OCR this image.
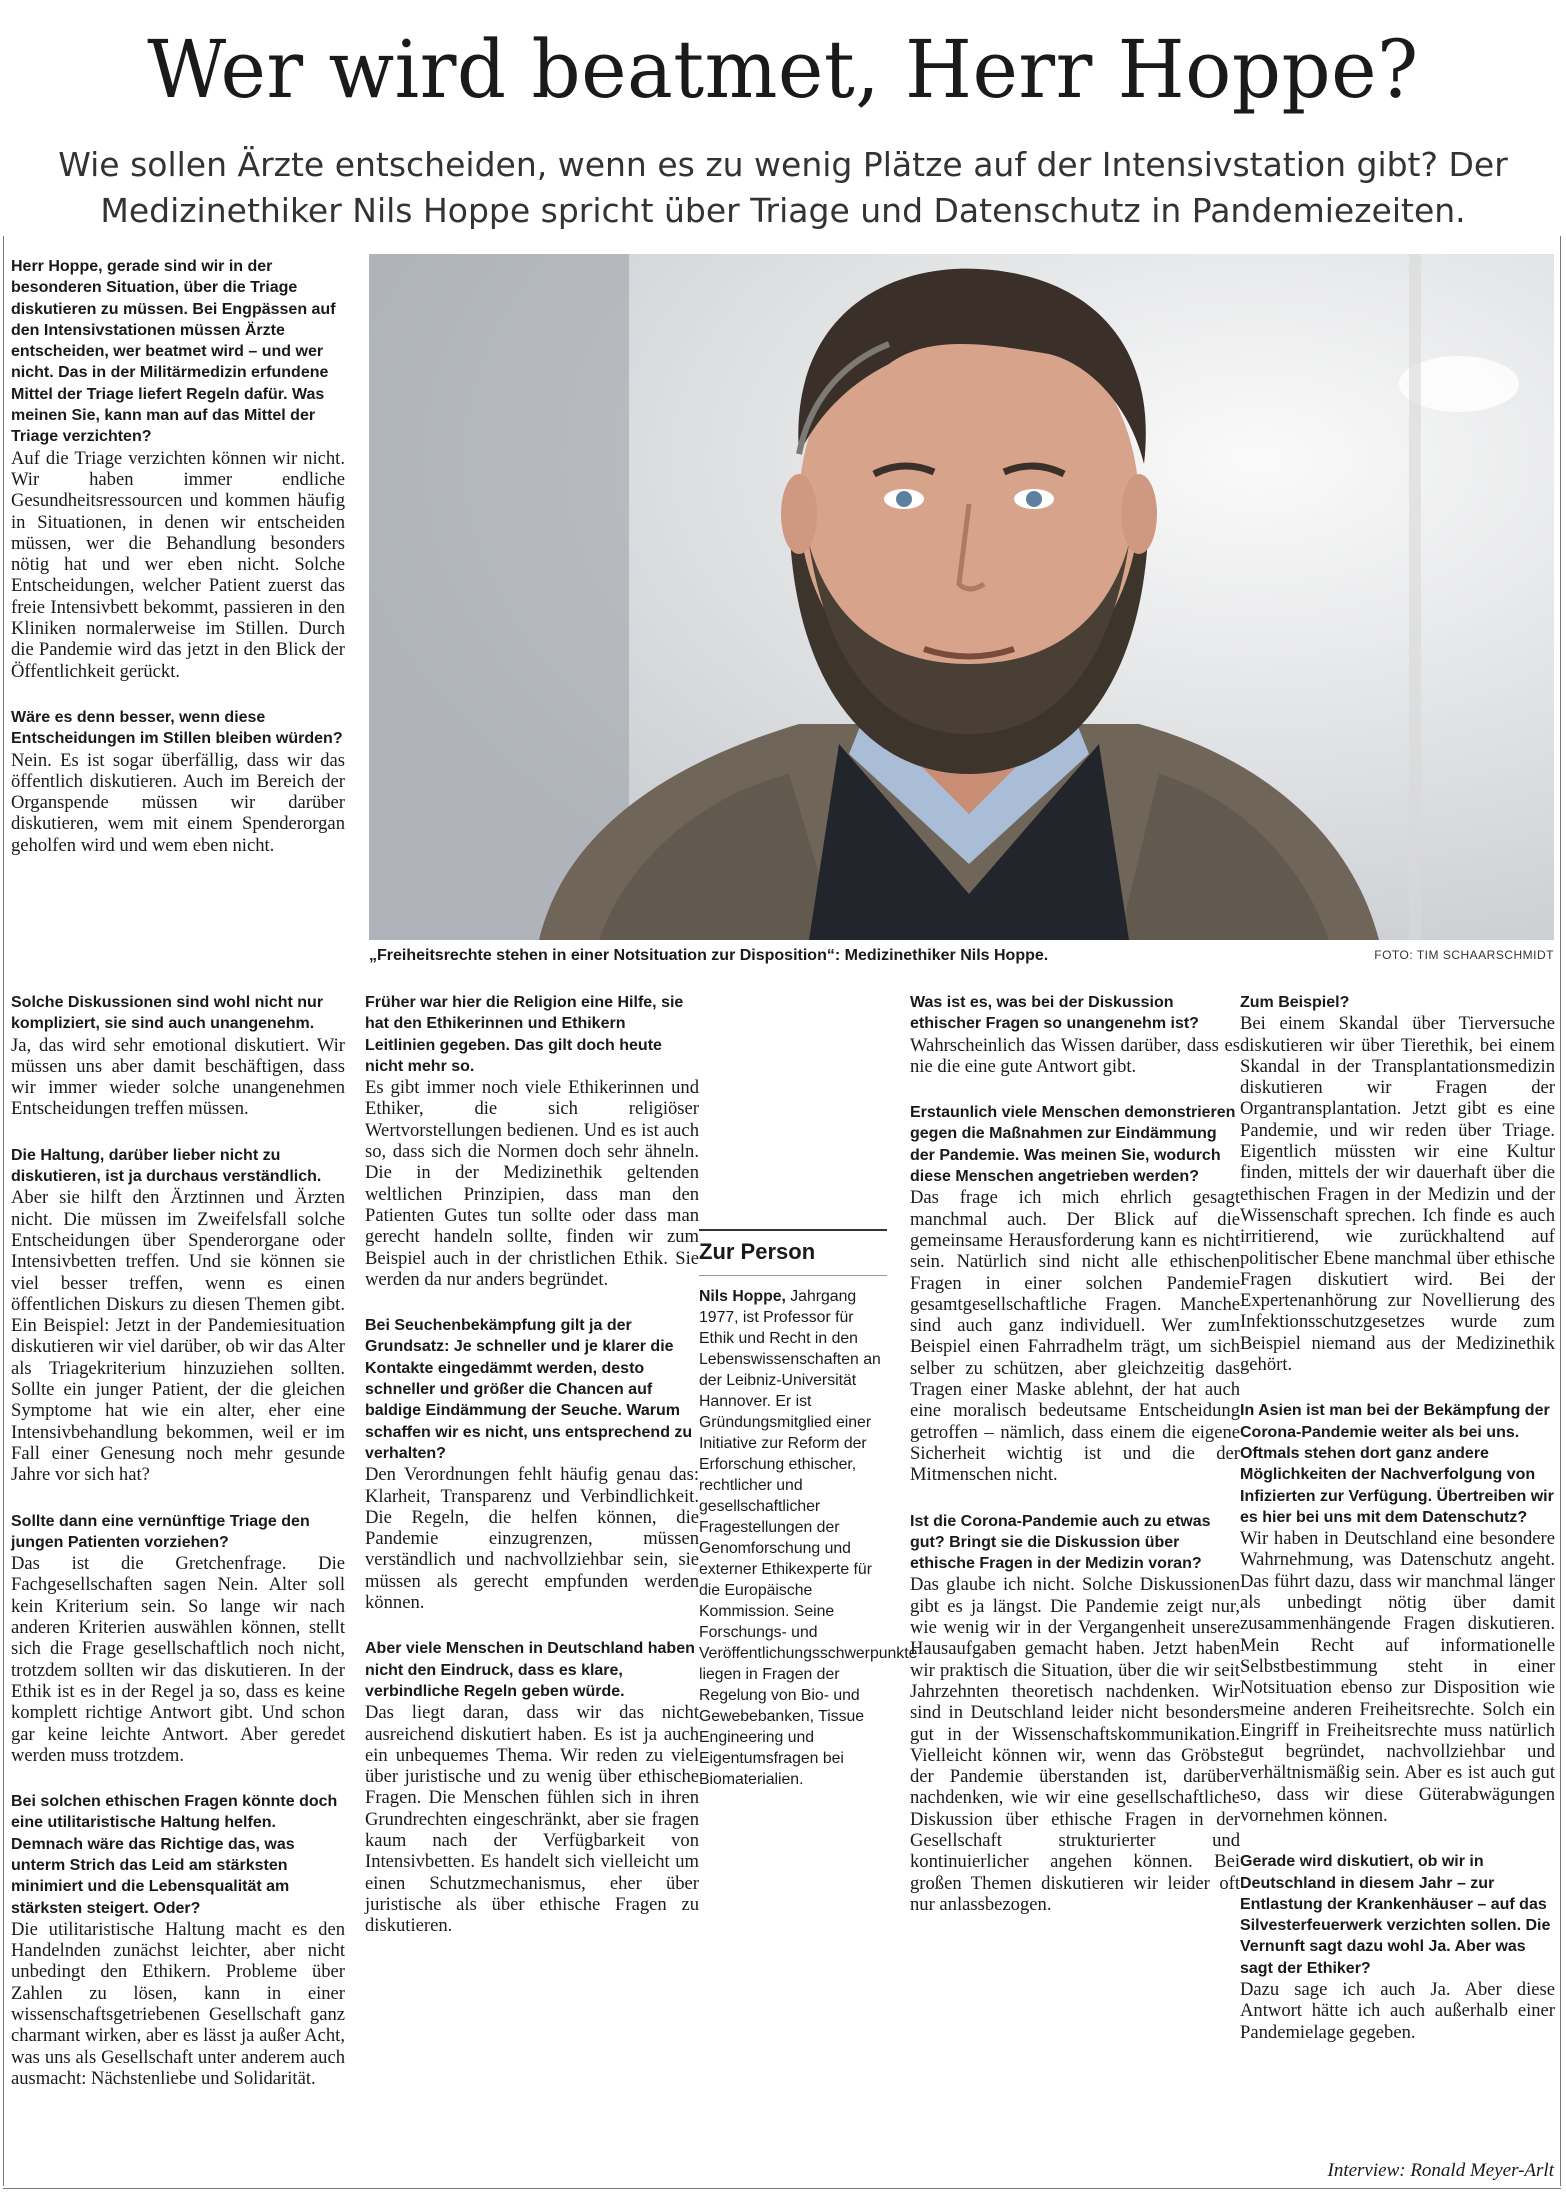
Wer wird beatmet, Herr Hoppe?

Wie sollen Ärzte entscheiden, wenn es zu wenig Plätze auf der Intensivstation gibt? Der Medizinethiker Nils Hoppe spricht über Triage und Datenschutz in Pandemiezeiten.

Herr Hoppe, gerade sind wir in der besonderen Situation, über die Triage diskutieren zu müssen. Bei Engpässen auf den Intensivstationen müssen Ärzte entscheiden, wer beatmet wird – und wer nicht. Das in der Militärmedizin erfundene Mittel der Triage liefert Regeln dafür. Was meinen Sie, kann man auf das Mittel der Triage verzichten?
Auf die Triage verzichten können wir nicht. Wir haben immer endliche Gesundheitsressourcen und kommen häufig in Situationen, in denen wir entscheiden müssen, wer die Behandlung besonders nötig hat und wer eben nicht. Solche Entscheidungen, welcher Patient zuerst das freie Intensivbett bekommt, passieren in den Kliniken normalerweise im Stillen. Durch die Pandemie wird das jetzt in den Blick der Öffentlichkeit gerückt.

Wäre es denn besser, wenn diese Entscheidungen im Stillen bleiben würden?
Nein. Es ist sogar überfällig, dass wir das öffentlich diskutieren. Auch im Bereich der Organspende müssen wir darüber diskutieren, wem mit einem Spenderorgan geholfen wird und wem eben nicht.

„Freiheitsrechte stehen in einer Notsituation zur Disposition“: Medizinethiker Nils Hoppe.	FOTO: TIM SCHAARSCHMIDT

Solche Diskussionen sind wohl nicht nur kompliziert, sie sind auch unangenehm.
Ja, das wird sehr emotional diskutiert. Wir müssen uns aber damit beschäftigen, dass wir immer wieder solche unangenehmen Entscheidungen treffen müssen.

Die Haltung, darüber lieber nicht zu diskutieren, ist ja durchaus verständlich.
Aber sie hilft den Ärztinnen und Ärzten nicht. Die müssen im Zweifelsfall solche Entscheidungen über Spenderorgane oder Intensivbetten treffen. Und sie können sie viel besser treffen, wenn es einen öffentlichen Diskurs zu diesen Themen gibt. Ein Beispiel: Jetzt in der Pandemiesituation diskutieren wir viel darüber, ob wir das Alter als Triagekriterium hinzuziehen sollten. Sollte ein junger Patient, der die gleichen Symptome hat wie ein alter, eher eine Intensivbehandlung bekommen, weil er im Fall einer Genesung noch mehr gesunde Jahre vor sich hat?

Sollte dann eine vernünftige Triage den jungen Patienten vorziehen?
Das ist die Gretchenfrage. Die Fachgesellschaften sagen Nein. Alter soll kein Kriterium sein. So lange wir nach anderen Kriterien auswählen können, stellt sich die Frage gesellschaftlich noch nicht, trotzdem sollten wir das diskutieren. In der Ethik ist es in der Regel ja so, dass es keine komplett richtige Antwort gibt. Und schon gar keine leichte Antwort. Aber geredet werden muss trotzdem.

Bei solchen ethischen Fragen könnte doch eine utilitaristische Haltung helfen. Demnach wäre das Richtige das, was unterm Strich das Leid am stärksten minimiert und die Lebensqualität am stärksten steigert. Oder?
Die utilitaristische Haltung macht es den Handelnden zunächst leichter, aber nicht unbedingt den Ethikern. Probleme über Zahlen zu lösen, kann in einer wissenschaftsgetriebenen Gesellschaft ganz charmant wirken, aber es lässt ja außer Acht, was uns als Gesellschaft unter anderem auch ausmacht: Nächstenliebe und Solidarität.

Früher war hier die Religion eine Hilfe, sie hat den Ethikerinnen und Ethikern Leitlinien gegeben. Das gilt doch heute nicht mehr so.
Es gibt immer noch viele Ethikerinnen und Ethiker, die sich religiöser Wertvorstellungen bedienen. Und es ist auch so, dass sich die Normen doch sehr ähneln. Die in der Medizinethik geltenden weltlichen Prinzipien, dass man den Patienten Gutes tun sollte oder dass man gerecht handeln sollte, finden wir zum Beispiel auch in der christlichen Ethik. Sie werden da nur anders begründet.

Bei Seuchenbekämpfung gilt ja der Grundsatz: Je schneller und je klarer die Kontakte eingedämmt werden, desto schneller und größer die Chancen auf baldige Eindämmung der Seuche. Warum schaffen wir es nicht, uns entsprechend zu verhalten?
Den Verordnungen fehlt häufig genau das: Klarheit, Transparenz und Verbindlichkeit. Die Regeln, die helfen können, die Pandemie einzugrenzen, müssen verständlich und nachvollziehbar sein, sie müssen als gerecht empfunden werden können.

Aber viele Menschen in Deutschland haben nicht den Eindruck, dass es klare, verbindliche Regeln geben würde.
Das liegt daran, dass wir das nicht ausreichend diskutiert haben. Es ist ja auch ein unbequemes Thema. Wir reden zu viel über juristische und zu wenig über ethische Fragen. Die Menschen fühlen sich in ihren Grundrechten eingeschränkt, aber sie fragen kaum nach der Verfügbarkeit von Intensivbetten. Es handelt sich vielleicht um einen Schutzmechanismus, eher über juristische als über ethische Fragen zu diskutieren.

Zur Person

Nils Hoppe, Jahrgang 1977, ist Professor für Ethik und Recht in den Lebenswissenschaften an der Leibniz-Universität Hannover. Er ist Gründungsmitglied einer Initiative zur Reform der Erforschung ethischer, rechtlicher und gesellschaftlicher Fragestellungen der Genomforschung und externer Ethikexperte für die Europäische Kommission. Seine Forschungs- und Veröffentlichungsschwerpunkte liegen in Fragen der Regelung von Bio- und Gewebebanken, Tissue Engineering und Eigentumsfragen bei Biomaterialien.

Was ist es, was bei der Diskussion ethischer Fragen so unangenehm ist?
Wahrscheinlich das Wissen darüber, dass es nie die eine gute Antwort gibt.

Erstaunlich viele Menschen demonstrieren gegen die Maßnahmen zur Eindämmung der Pandemie. Was meinen Sie, wodurch diese Menschen angetrieben werden?
Das frage ich mich ehrlich gesagt manchmal auch. Der Blick auf die gemeinsame Herausforderung kann es nicht sein. Natürlich sind nicht alle ethischen Fragen in einer solchen Pandemie gesamtgesellschaftliche Fragen. Manche sind auch ganz individuell. Wer zum Beispiel einen Fahrradhelm trägt, um sich selber zu schützen, aber gleichzeitig das Tragen einer Maske ablehnt, der hat auch eine moralisch bedeutsame Entscheidung getroffen – nämlich, dass einem die eigene Sicherheit wichtig ist und die der Mitmenschen nicht.

Ist die Corona-Pandemie auch zu etwas gut? Bringt sie die Diskussion über ethische Fragen in der Medizin voran?
Das glaube ich nicht. Solche Diskussionen gibt es ja längst. Die Pandemie zeigt nur, wie wenig wir in der Vergangenheit unsere Hausaufgaben gemacht haben. Jetzt haben wir praktisch die Situation, über die wir seit Jahrzehnten theoretisch nachdenken. Wir sind in Deutschland leider nicht besonders gut in der Wissenschaftskommunikation. Vielleicht können wir, wenn das Gröbste der Pandemie überstanden ist, darüber nachdenken, wie wir eine gesellschaftliche Diskussion über ethische Fragen in der Gesellschaft strukturierter und kontinuierlicher angehen können. Bei großen Themen diskutieren wir leider oft nur anlassbezogen.

Zum Beispiel?
Bei einem Skandal über Tierversuche diskutieren wir über Tierethik, bei einem Skandal in der Transplantationsmedizin diskutieren wir Fragen der Organtransplantation. Jetzt gibt es eine Pandemie, und wir reden über Triage. Eigentlich müssten wir eine Kultur finden, mittels der wir dauerhaft über die ethischen Fragen in der Medizin und der Wissenschaft sprechen. Ich finde es auch irritierend, wie zurückhaltend auf politischer Ebene manchmal über ethische Fragen diskutiert wird. Bei der Expertenanhörung zur Novellierung des Infektionsschutzgesetzes wurde zum Beispiel niemand aus der Medizinethik gehört.

In Asien ist man bei der Bekämpfung der Corona-Pandemie weiter als bei uns. Oftmals stehen dort ganz andere Möglichkeiten der Nachverfolgung von Infizierten zur Verfügung. Übertreiben wir es hier bei uns mit dem Datenschutz?
Wir haben in Deutschland eine besondere Wahrnehmung, was Datenschutz angeht. Das führt dazu, dass wir manchmal länger als unbedingt nötig über damit zusammenhängende Fragen diskutieren. Mein Recht auf informationelle Selbstbestimmung steht in einer Notsituation ebenso zur Disposition wie meine anderen Freiheitsrechte. Solch ein Eingriff in Freiheitsrechte muss natürlich gut begründet, nachvollziehbar und verhältnismäßig sein. Aber es ist auch gut so, dass wir diese Güterabwägungen vornehmen können.

Gerade wird diskutiert, ob wir in Deutschland in diesem Jahr – zur Entlastung der Krankenhäuser – auf das Silvesterfeuerwerk verzichten sollen. Die Vernunft sagt dazu wohl Ja. Aber was sagt der Ethiker?
Dazu sage ich auch Ja. Aber diese Antwort hätte ich auch außerhalb einer Pandemielage gegeben.

Interview: Ronald Meyer-Arlt
